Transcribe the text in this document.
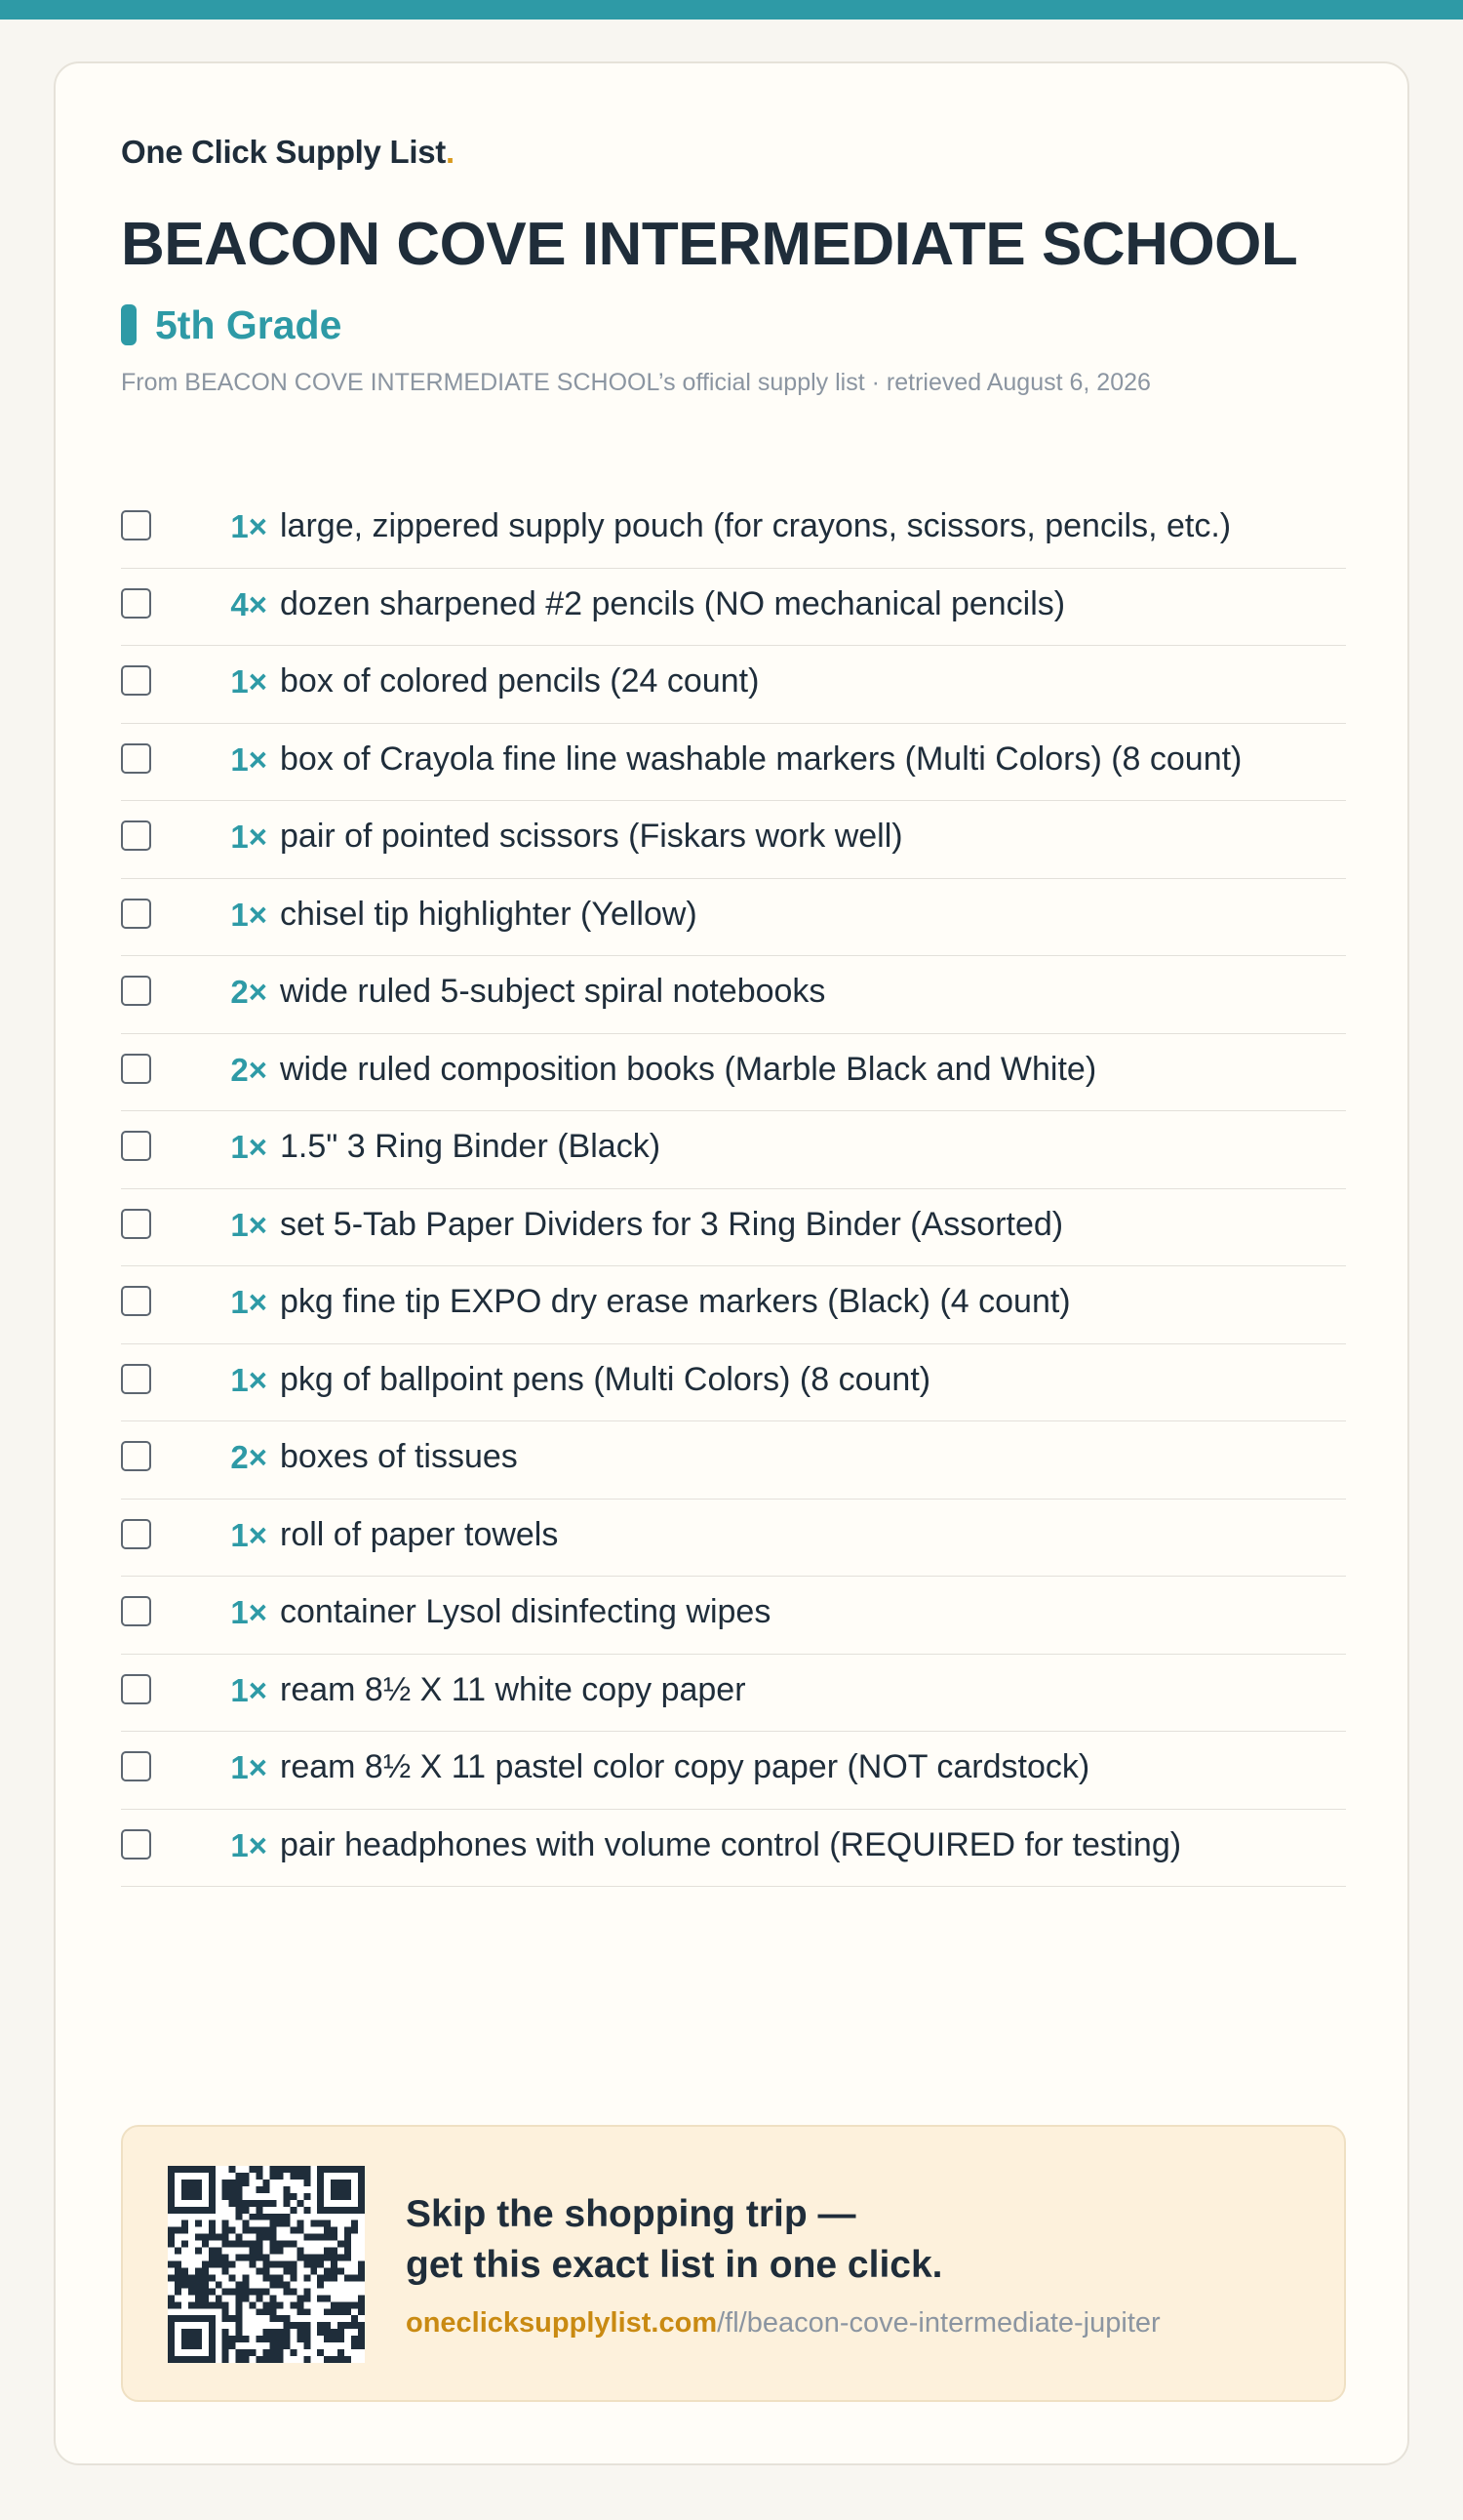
One Click Supply List.
BEACON COVE INTERMEDIATE SCHOOL
5th Grade
From BEACON COVE INTERMEDIATE SCHOOL’s official supply list · retrieved August 6, 2026
1× large, zippered supply pouch (for crayons, scissors, pencils, etc.)
4× dozen sharpened #2 pencils (NO mechanical pencils)
1× box of colored pencils (24 count)
1× box of Crayola fine line washable markers (Multi Colors) (8 count)
1× pair of pointed scissors (Fiskars work well)
1× chisel tip highlighter (Yellow)
2× wide ruled 5-subject spiral notebooks
2× wide ruled composition books (Marble Black and White)
1× 1.5" 3 Ring Binder (Black)
1× set 5-Tab Paper Dividers for 3 Ring Binder (Assorted)
1× pkg fine tip EXPO dry erase markers (Black) (4 count)
1× pkg of ballpoint pens (Multi Colors) (8 count)
2× boxes of tissues
1× roll of paper towels
1× container Lysol disinfecting wipes
1× ream 8½ X 11 white copy paper
1× ream 8½ X 11 pastel color copy paper (NOT cardstock)
1× pair headphones with volume control (REQUIRED for testing)
Skip the shopping trip —
get this exact list in one click.
oneclicksupplylist.com/fl/beacon-cove-intermediate-jupiter
